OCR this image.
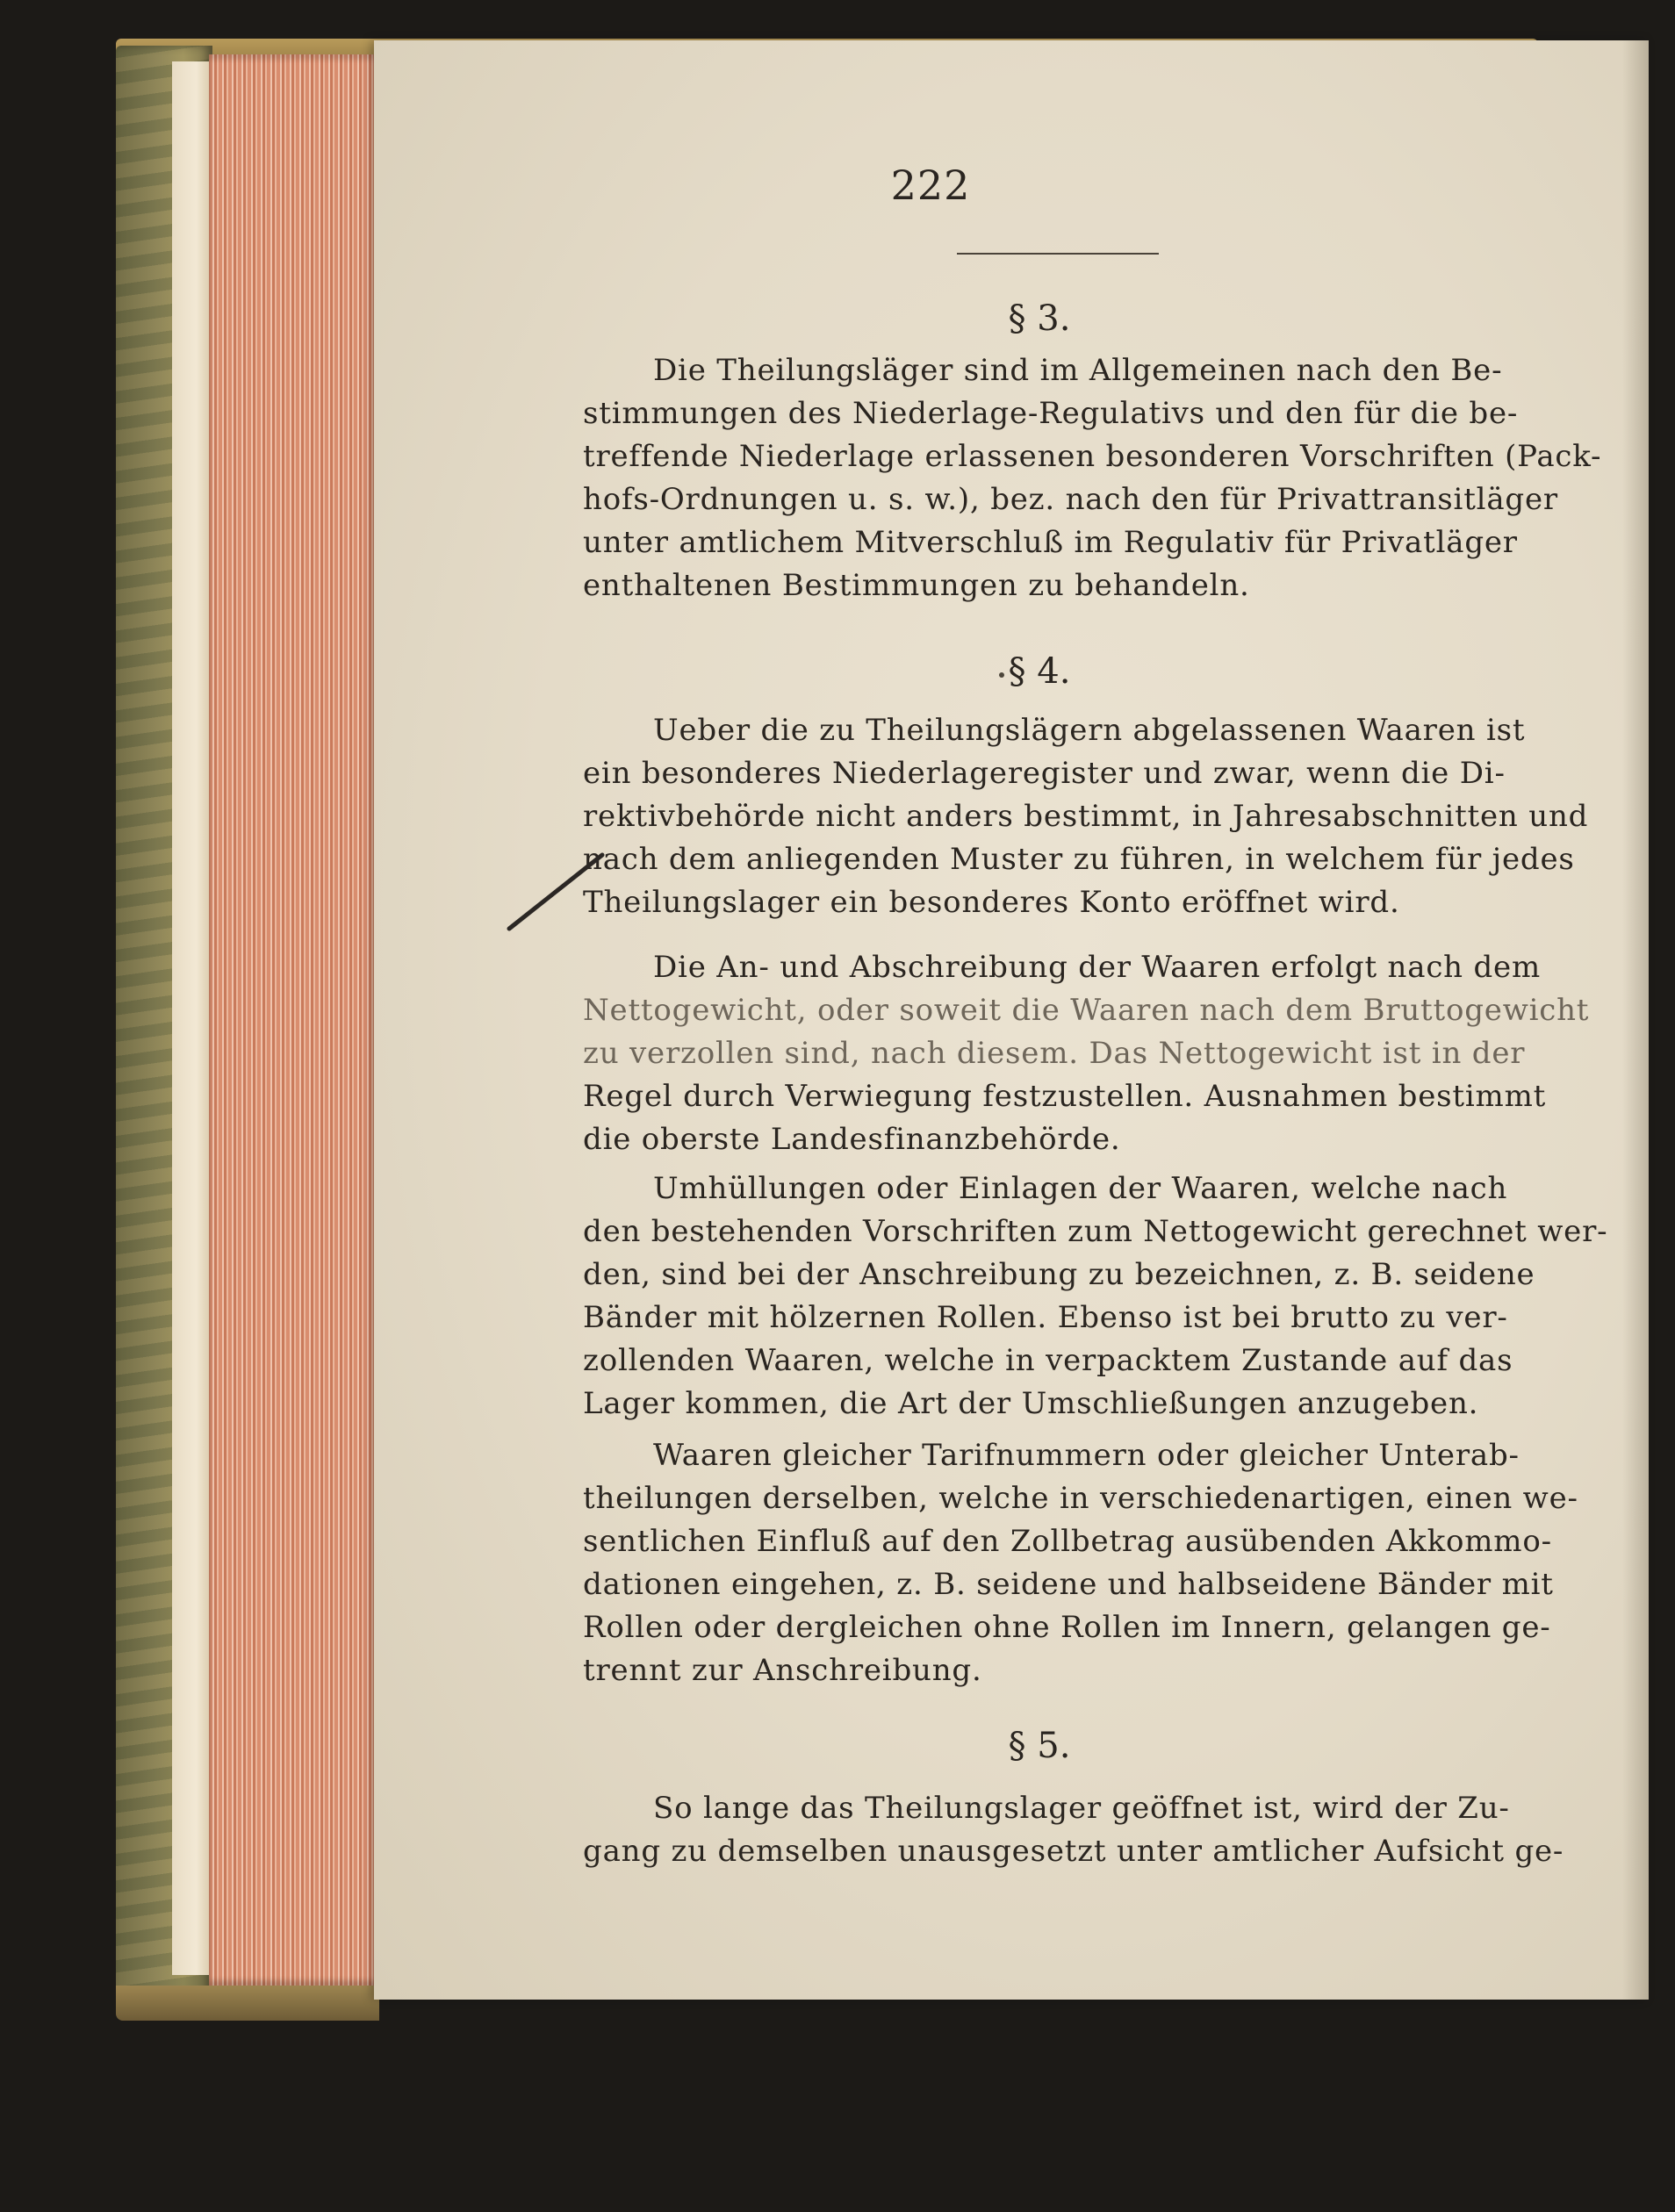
222
§ 3.
Die Theilungsläger sind im Allgemeinen nach den Be-
stimmungen des Niederlage-Regulativs und den für die be-
treffende Niederlage erlassenen besonderen Vorschriften (Pack-
hofs-Ordnungen u. s. w.), bez. nach den für Privattransitläger
unter amtlichem Mitverschluß im Regulativ für Privatläger
enthaltenen Bestimmungen zu behandeln.
§ 4.
Ueber die zu Theilungslägern abgelassenen Waaren ist
ein besonderes Niederlageregister und zwar, wenn die Di-
rektivbehörde nicht anders bestimmt, in Jahresabschnitten und
nach dem anliegenden Muster zu führen, in welchem für jedes
Theilungslager ein besonderes Konto eröffnet wird.
Die An- und Abschreibung der Waaren erfolgt nach dem
Nettogewicht, oder soweit die Waaren nach dem Bruttogewicht
zu verzollen sind, nach diesem. Das Nettogewicht ist in der
Regel durch Verwiegung festzustellen. Ausnahmen bestimmt
die oberste Landesfinanzbehörde.
Umhüllungen oder Einlagen der Waaren, welche nach
den bestehenden Vorschriften zum Nettogewicht gerechnet wer-
den, sind bei der Anschreibung zu bezeichnen, z. B. seidene
Bänder mit hölzernen Rollen. Ebenso ist bei brutto zu ver-
zollenden Waaren, welche in verpacktem Zustande auf das
Lager kommen, die Art der Umschließungen anzugeben.
Waaren gleicher Tarifnummern oder gleicher Unterab-
theilungen derselben, welche in verschiedenartigen, einen we-
sentlichen Einfluß auf den Zollbetrag ausübenden Akkommo-
dationen eingehen, z. B. seidene und halbseidene Bänder mit
Rollen oder dergleichen ohne Rollen im Innern, gelangen ge-
trennt zur Anschreibung.
§ 5.
So lange das Theilungslager geöffnet ist, wird der Zu-
gang zu demselben unausgesetzt unter amtlicher Aufsicht ge-
